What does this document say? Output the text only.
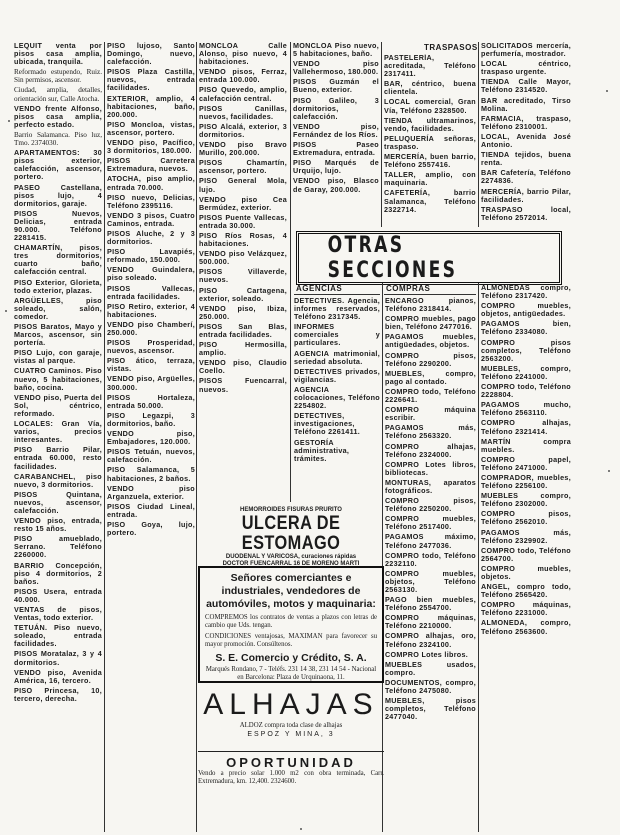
LEQUIT venta por pisos casa amplia, ubicada, tranquila.
Reformado estupendo, Ruiz. Sin permisos, ascensor.
Ciudad, amplia, detalles, orientación sur, Calle Atocha.
VENDO frente Alfonso, pisos casa amplia, perfecto estado.
Barrio Salamanca. Piso luz, Tmo. 2374030.
APARTAMENTOS: 30 pisos exterior, calefacción, ascensor, portero.
PASEO Castellana, pisos lujo, 4 dormitorios, garaje.
PISOS Nuevos, Delicias, entrada 90.000. Teléfono 2281415.
CHAMARTÍN, pisos, tres dormitorios, cuarto baño, calefacción central.
PISO Exterior, Glorieta, todo exterior, plazas.
ARGÜELLES, piso soleado, salón, comedor.
PISOS Baratos, Mayo y Marcos, ascensor, sin portería.
PISO Lujo, con garaje, vistas al parque.
CUATRO Caminos. Piso nuevo, 5 habitaciones, baño, cocina.
VENDO piso, Puerta del Sol, céntrico, reformado.
LOCALES: Gran Vía, varios, precios interesantes.
PISO Barrio Pilar, entrada 60.000, resto facilidades.
CARABANCHEL, piso nuevo, 3 dormitorios.
PISOS Quintana, nuevos, ascensor, calefacción.
VENDO piso, entrada, resto 15 años.
PISO amueblado, Serrano. Teléfono 2260000.
BARRIO Concepción, piso 4 dormitorios, 2 baños.
PISOS Usera, entrada 40.000.
VENTAS de pisos, Ventas, todo exterior.
TETUÁN. Piso nuevo, soleado, entrada facilidades.
PISOS Moratalaz, 3 y 4 dormitorios.
VENDO piso, Avenida América, 16, tercero.
PISO Princesa, 10, tercero, derecha.
PISO lujoso, Santo Domingo, nuevo, calefacción.
PISOS Plaza Castilla, nuevos, entrada facilidades.
EXTERIOR, amplio, 4 habitaciones, baño, 200.000.
PISO Moncloa, vistas, ascensor, portero.
VENDO piso, Pacífico, 3 dormitorios, 180.000.
PISOS Carretera Extremadura, nuevos.
ATOCHA, piso amplio, entrada 70.000.
PISO nuevo, Delicias, Teléfono 2395116.
VENDO 3 pisos, Cuatro Caminos, entrada.
PISOS Aluche, 2 y 3 dormitorios.
PISO Lavapiés, reformado, 150.000.
VENDO Guindalera, piso soleado.
PISOS Vallecas, entrada facilidades.
PISO Retiro, exterior, 4 habitaciones.
VENDO piso Chamberí, 250.000.
PISOS Prosperidad, nuevos, ascensor.
PISO ático, terraza, vistas.
VENDO piso, Argüelles, 300.000.
PISOS Hortaleza, entrada 50.000.
PISO Legazpi, 3 dormitorios, baño.
VENDO piso, Embajadores, 120.000.
PISOS Tetuán, nuevos, calefacción.
PISO Salamanca, 5 habitaciones, 2 baños.
VENDO piso Arganzuela, exterior.
PISOS Ciudad Lineal, entrada.
PISO Goya, lujo, portero.
MONCLOA Calle Alonso, piso nuevo, 4 habitaciones.
VENDO pisos, Ferraz, entrada 100.000.
PISO Quevedo, amplio, calefacción central.
PISOS Canillas, nuevos, facilidades.
PISO Alcalá, exterior, 3 dormitorios.
VENDO piso Bravo Murillo, 200.000.
PISOS Chamartín, ascensor, portero.
PISO General Mola, lujo.
VENDO piso Cea Bermúdez, exterior.
PISOS Puente Vallecas, entrada 30.000.
PISO Ríos Rosas, 4 habitaciones.
VENDO piso Velázquez, 500.000.
PISOS Villaverde, nuevos.
PISO Cartagena, exterior, soleado.
VENDO piso, Ibiza, 250.000.
PISOS San Blas, entrada facilidades.
PISO Hermosilla, amplio.
VENDO piso, Claudio Coello.
PISOS Fuencarral, nuevos.
MONCLOA Piso nuevo, 5 habitaciones, baño.
VENDO piso Vallehermoso, 180.000.
PISOS Guzmán el Bueno, exterior.
PISO Galileo, 3 dormitorios, calefacción.
VENDO piso, Fernández de los Ríos.
PISOS Paseo Extremadura, entrada.
PISO Marqués de Urquijo, lujo.
VENDO piso, Blasco de Garay, 200.000.
TRASPASOS
PASTELERÍA, acreditada, Teléfono 2317411.
BAR, céntrico, buena clientela.
LOCAL comercial, Gran Vía, Teléfono 2328500.
TIENDA ultramarinos, vendo, facilidades.
PELUQUERÍA señoras, traspaso.
MERCERÍA, buen barrio, Teléfono 2557416.
TALLER, amplio, con maquinaria.
CAFETERÍA, barrio Salamanca, Teléfono 2322714.
SOLICITADOS mercería, perfumería, mostrador.
LOCAL céntrico, traspaso urgente.
TIENDA Calle Mayor, Teléfono 2314520.
BAR acreditado, Tirso Molina.
FARMACIA, traspaso, Teléfono 2310001.
LOCAL, Avenida José Antonio.
TIENDA tejidos, buena renta.
BAR Cafetería, Teléfono 2274836.
MERCERÍA, barrio Pilar, facilidades.
TRASPASO local, Teléfono 2572014.
OTRAS SECCIONES
AGENCIAS
DETECTIVES. Agencia, informes reservados, Teléfono 2317345.
INFORMES comerciales y particulares.
AGENCIA matrimonial, seriedad absoluta.
DETECTIVES privados, vigilancias.
AGENCIA colocaciones, Teléfono 2254802.
DETECTIVES, investigaciones, Teléfono 2261411.
GESTORÍA administrativa, trámites.
COMPRAS
ENCARGO pianos, Teléfono 2318414.
COMPRO muebles, pago bien, Teléfono 2477016.
PAGAMOS muebles, antigüedades, objetos.
COMPRO pisos, Teléfono 2290200.
MUEBLES, compro, pago al contado.
COMPRO todo, Teléfono 2226641.
COMPRO máquina escribir.
PAGAMOS más, Teléfono 2563320.
COMPRO alhajas, Teléfono 2324000.
COMPRO Lotes libros, bibliotecas.
MONTURAS, aparatos fotográficos.
COMPRO pisos, Teléfono 2250200.
COMPRO muebles, Teléfono 2517400.
PAGAMOS máximo, Teléfono 2477036.
COMPRO todo, Teléfono 2232110.
COMPRO muebles, objetos, Teléfono 2563130.
PAGO bien muebles, Teléfono 2554700.
COMPRO máquinas, Teléfono 2210000.
COMPRO alhajas, oro, Teléfono 2324100.
COMPRO Lotes libros.
MUEBLES usados, compro.
DOCUMENTOS, compro, Teléfono 2475080.
MUEBLES, pisos completos, Teléfono 2477040.
ALMONEDAS compro, Teléfono 2317420.
COMPRO muebles, objetos, antigüedades.
PAGAMOS bien, Teléfono 2334080.
COMPRO pisos completos, Teléfono 2563200.
MUEBLES, compro, Teléfono 2241000.
COMPRO todo, Teléfono 2228804.
PAGAMOS mucho, Teléfono 2563110.
COMPRO alhajas, Teléfono 2321414.
MARTÍN compra muebles.
COMPRO papel, Teléfono 2471000.
COMPRADOR, muebles, Teléfono 2256100.
MUEBLES compro, Teléfono 2302000.
COMPRO pisos, Teléfono 2562010.
PAGAMOS más, Teléfono 2329902.
COMPRO todo, Teléfono 2564700.
COMPRO muebles, objetos.
ANGEL, compro todo, Teléfono 2565420.
COMPRO máquinas, Teléfono 2231000.
ALMONEDA, compro, Teléfono 2563600.
HEMORROIDES FISURAS PRURITO
ULCERA DE ESTOMAGO
DUODENAL Y VARICOSA, curaciones rápidas
DOCTOR FUENCARRAL 16 DE MORENO MARTI
Señores comerciantes e industriales, vendedores de automóviles, motos y maquinaria:
COMPREMOS los contratos de ventas a plazos con letras de cambio que Uds. tengan.
CONDICIONES ventajosas, MAXIMAN para favorecer su mayor promoción. Consúltenos.
S. E. Comercio y Crédito, S. A.
Marqués Rondano, 7 - Teléfs. 231 14 38, 231 14 54 - Nacional en Barcelona: Plaza de Urquinaona, 11.
ALHAJAS
ALDOZ compra toda clase de alhajas
ESPOZ Y MINA, 3
OPORTUNIDAD
Vendo a precio solar 1.000 m2 con obra terminada, Carr. Extremadura, km. 12,400. 2324600.
